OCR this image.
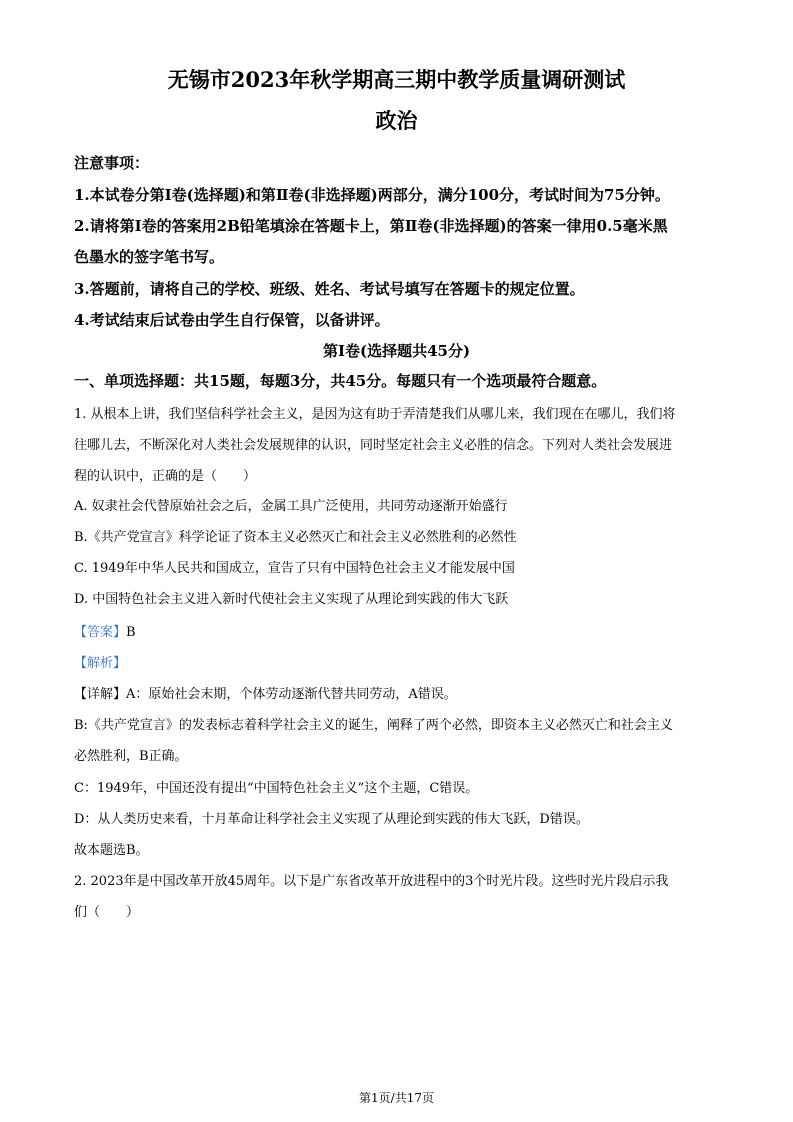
无锡市2023年秋学期高三期中教学质量调研测试
政治
注意事项：
1.本试卷分第Ⅰ卷(选择题)和第Ⅱ卷(非选择题)两部分，满分100分，考试时间为75分钟。
2.请将第Ⅰ卷的答案用2B铅笔填涂在答题卡上，第Ⅱ卷(非选择题)的答案一律用0.5毫米黑
色墨水的签字笔书写。
3.答题前，请将自己的学校、班级、姓名、考试号填写在答题卡的规定位置。
4.考试结束后试卷由学生自行保管，以备讲评。
第Ⅰ卷(选择题共45分)
一、单项选择题：共15题，每题3分，共45分。每题只有一个选项最符合题意。
1. 从根本上讲，我们坚信科学社会主义，是因为这有助于弄清楚我们从哪儿来，我们现在在哪儿，我们将
往哪儿去，不断深化对人类社会发展规律的认识，同时坚定社会主义必胜的信念。下列对人类社会发展进
程的认识中，正确的是（　　）
A. 奴隶社会代替原始社会之后，金属工具广泛使用，共同劳动逐渐开始盛行
B.《共产党宣言》科学论证了资本主义必然灭亡和社会主义必然胜利的必然性
C. 1949年中华人民共和国成立，宣告了只有中国特色社会主义才能发展中国
D. 中国特色社会主义进入新时代使社会主义实现了从理论到实践的伟大飞跃
【答案】B
【解析】
【详解】A：原始社会末期，个体劳动逐渐代替共同劳动，A错误。
B:《共产党宣言》的发表标志着科学社会主义的诞生，阐释了两个必然，即资本主义必然灭亡和社会主义
必然胜利，B正确。
C：1949年，中国还没有提出“中国特色社会主义”这个主题，C错误。
D：从人类历史来看，十月革命让科学社会主义实现了从理论到实践的伟大飞跃，D错误。
故本题选B。
2. 2023年是中国改革开放45周年。以下是广东省改革开放进程中的3个时光片段。这些时光片段启示我
们（　　）
第1页/共17页
